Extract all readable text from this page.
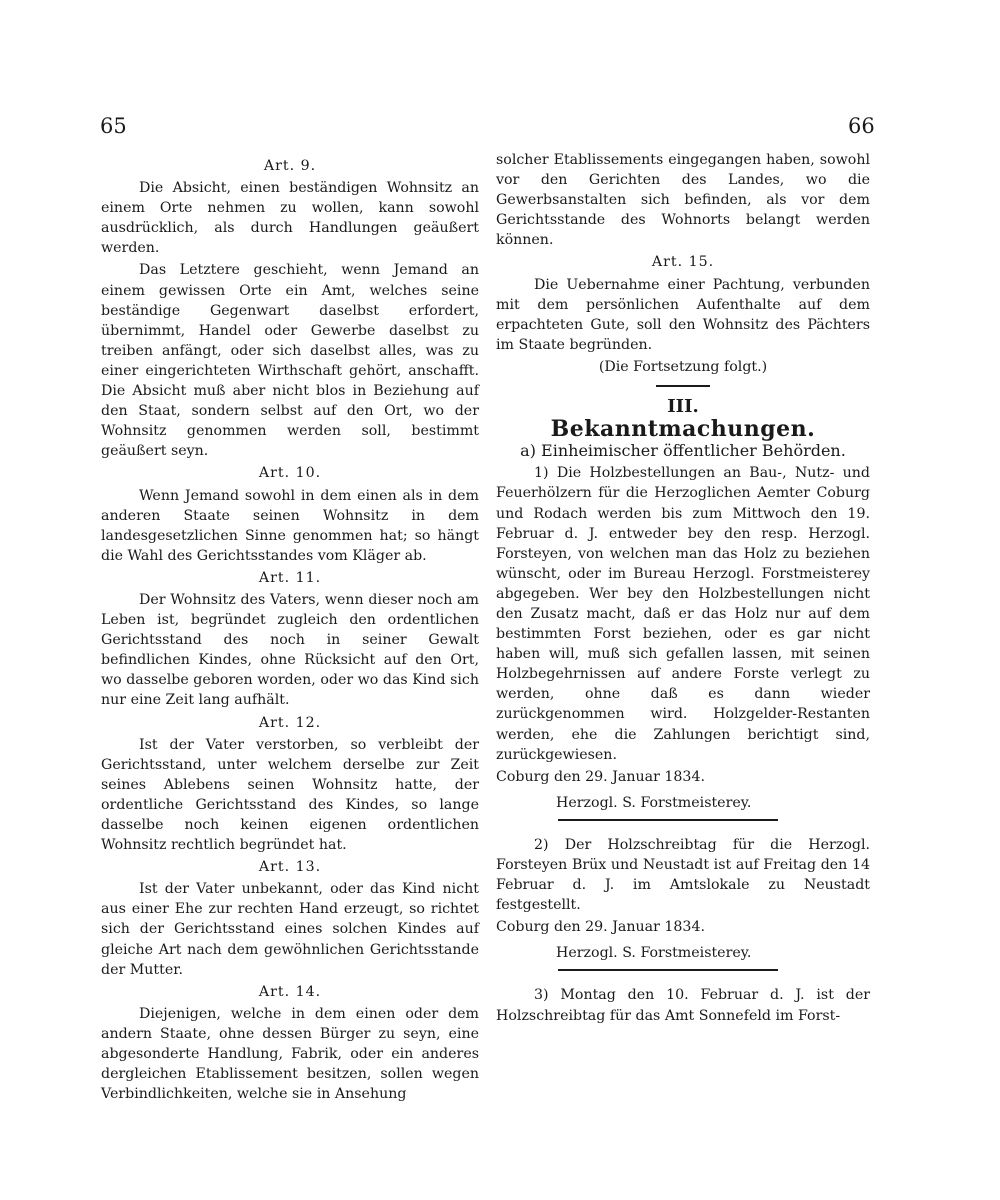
65	66

Art. 9.

Die Absicht, einen beständigen Wohnsitz an einem Orte nehmen zu wollen, kann sowohl ausdrücklich, als durch Handlungen geäußert werden.

Das Letztere geschieht, wenn Jemand an einem gewissen Orte ein Amt, welches seine beständige Gegenwart daselbst erfordert, übernimmt, Handel oder Gewerbe daselbst zu treiben anfängt, oder sich daselbst alles, was zu einer eingerichteten Wirthschaft gehört, anschafft. Die Absicht muß aber nicht blos in Beziehung auf den Staat, sondern selbst auf den Ort, wo der Wohnsitz genommen werden soll, bestimmt geäußert seyn.

Art. 10.

Wenn Jemand sowohl in dem einen als in dem anderen Staate seinen Wohnsitz in dem landesgesetzlichen Sinne genommen hat; so hängt die Wahl des Gerichtsstandes vom Kläger ab.

Art. 11.

Der Wohnsitz des Vaters, wenn dieser noch am Leben ist, begründet zugleich den ordentlichen Gerichtsstand des noch in seiner Gewalt befindlichen Kindes, ohne Rücksicht auf den Ort, wo dasselbe geboren worden, oder wo das Kind sich nur eine Zeit lang aufhält.

Art. 12.

Ist der Vater verstorben, so verbleibt der Gerichtsstand, unter welchem derselbe zur Zeit seines Ablebens seinen Wohnsitz hatte, der ordentliche Gerichtsstand des Kindes, so lange dasselbe noch keinen eigenen ordentlichen Wohnsitz rechtlich begründet hat.

Art. 13.

Ist der Vater unbekannt, oder das Kind nicht aus einer Ehe zur rechten Hand erzeugt, so richtet sich der Gerichtsstand eines solchen Kindes auf gleiche Art nach dem gewöhnlichen Gerichtsstande der Mutter.

Art. 14.

Diejenigen, welche in dem einen oder dem andern Staate, ohne dessen Bürger zu seyn, eine abgesonderte Handlung, Fabrik, oder ein anderes dergleichen Etablissement besitzen, sollen wegen Verbindlichkeiten, welche sie in Ansehung

solcher Etablissements eingegangen haben, sowohl vor den Gerichten des Landes, wo die Gewerbsanstalten sich befinden, als vor dem Gerichtsstande des Wohnorts belangt werden können.

Art. 15.

Die Uebernahme einer Pachtung, verbunden mit dem persönlichen Aufenthalte auf dem erpachteten Gute, soll den Wohnsitz des Pächters im Staate begründen.

(Die Fortsetzung folgt.)

III.

Bekanntmachungen.

a) Einheimischer öffentlicher Behörden.

1) Die Holzbestellungen an Bau-, Nutz- und Feuerhölzern für die Herzoglichen Aemter Coburg und Rodach werden bis zum Mittwoch den 19. Februar d. J. entweder bey den resp. Herzogl. Forsteyen, von welchen man das Holz zu beziehen wünscht, oder im Bureau Herzogl. Forstmeisterey abgegeben. Wer bey den Holzbestellungen nicht den Zusatz macht, daß er das Holz nur auf dem bestimmten Forst beziehen, oder es gar nicht haben will, muß sich gefallen lassen, mit seinen Holzbegehrnissen auf andere Forste verlegt zu werden, ohne daß es dann wieder zurückgenommen wird. Holzgelder-Restanten werden, ehe die Zahlungen berichtigt sind, zurückgewiesen.

Coburg den 29. Januar 1834.

Herzogl. S. Forstmeisterey.

2) Der Holzschreibtag für die Herzogl. Forsteyen Brüx und Neustadt ist auf Freitag den 14 Februar d. J. im Amtslokale zu Neustadt festgestellt.

Coburg den 29. Januar 1834.

Herzogl. S. Forstmeisterey.

3) Montag den 10. Februar d. J. ist der Holzschreibtag für das Amt Sonnefeld im Forst-
